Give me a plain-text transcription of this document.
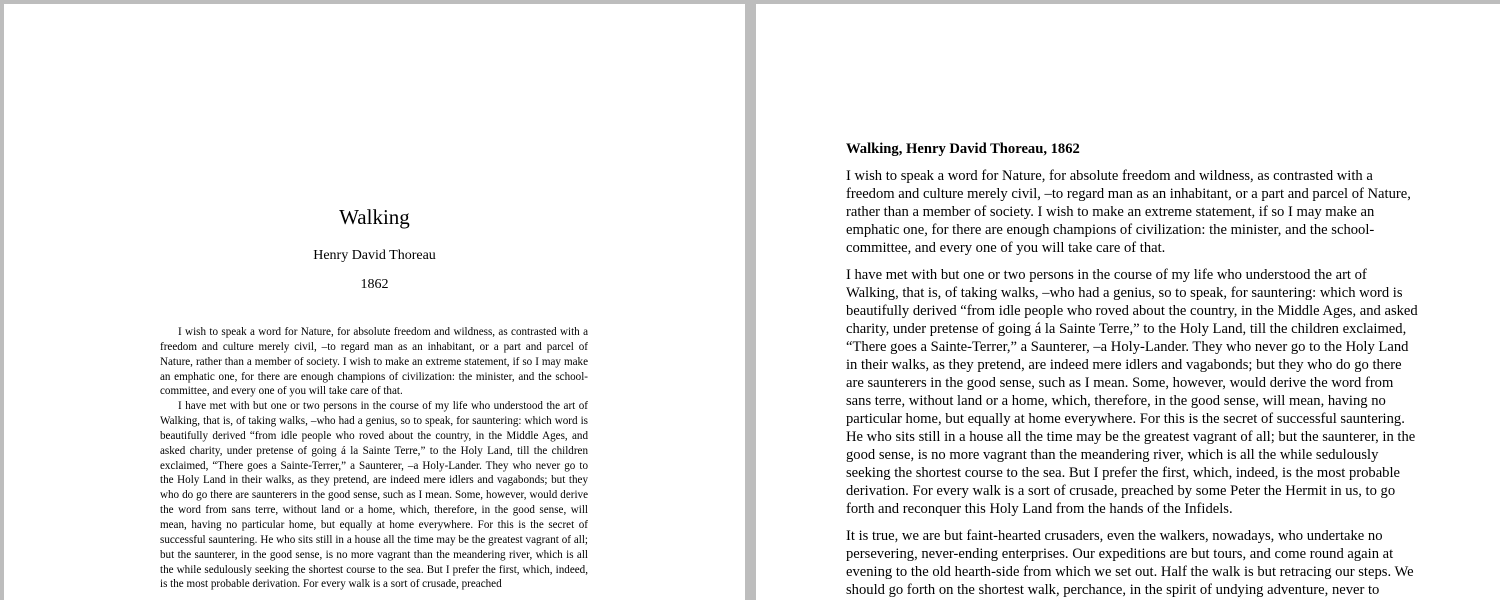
Walking
Henry David Thoreau
1862

I wish to speak a word for Nature, for absolute freedom and wildness, as contrasted with a freedom and culture merely civil, –to regard man as an inhabitant, or a part and parcel of Nature, rather than a member of society. I wish to make an extreme statement, if so I may make an emphatic one, for there are enough champions of civilization: the minister, and the school-committee, and every one of you will take care of that.

I have met with but one or two persons in the course of my life who understood the art of Walking, that is, of taking walks, –who had a genius, so to speak, for sauntering: which word is beautifully derived “from idle people who roved about the country, in the Middle Ages, and asked charity, under pretense of going á la Sainte Terre,” to the Holy Land, till the children exclaimed, “There goes a Sainte-Terrer,” a Saunterer, –a Holy-Lander. They who never go to the Holy Land in their walks, as they pretend, are indeed mere idlers and vagabonds; but they who do go there are saunterers in the good sense, such as I mean. Some, however, would derive the word from sans terre, without land or a home, which, therefore, in the good sense, will mean, having no particular home, but equally at home everywhere. For this is the secret of successful sauntering. He who sits still in a house all the time may be the greatest vagrant of all; but the saunterer, in the good sense, is no more vagrant than the meandering river, which is all the while sedulously seeking the shortest course to the sea. But I prefer the first, which, indeed, is the most probable derivation. For every walk is a sort of crusade, preached

Walking, Henry David Thoreau, 1862

I wish to speak a word for Nature, for absolute freedom and wildness, as contrasted with a freedom and culture merely civil, –to regard man as an inhabitant, or a part and parcel of Nature, rather than a member of society. I wish to make an extreme statement, if so I may make an emphatic one, for there are enough champions of civilization: the minister, and the school-committee, and every one of you will take care of that.

I have met with but one or two persons in the course of my life who understood the art of Walking, that is, of taking walks, –who had a genius, so to speak, for sauntering: which word is beautifully derived “from idle people who roved about the country, in the Middle Ages, and asked charity, under pretense of going á la Sainte Terre,” to the Holy Land, till the children exclaimed, “There goes a Sainte-Terrer,” a Saunterer, –a Holy-Lander. They who never go to the Holy Land in their walks, as they pretend, are indeed mere idlers and vagabonds; but they who do go there are saunterers in the good sense, such as I mean. Some, however, would derive the word from sans terre, without land or a home, which, therefore, in the good sense, will mean, having no particular home, but equally at home everywhere. For this is the secret of successful sauntering. He who sits still in a house all the time may be the greatest vagrant of all; but the saunterer, in the good sense, is no more vagrant than the meandering river, which is all the while sedulously seeking the shortest course to the sea. But I prefer the first, which, indeed, is the most probable derivation. For every walk is a sort of crusade, preached by some Peter the Hermit in us, to go forth and reconquer this Holy Land from the hands of the Infidels.

It is true, we are but faint-hearted crusaders, even the walkers, nowadays, who undertake no persevering, never-ending enterprises. Our expeditions are but tours, and come round again at evening to the old hearth-side from which we set out. Half the walk is but retracing our steps. We should go forth on the shortest walk, perchance, in the spirit of undying adventure, never to
